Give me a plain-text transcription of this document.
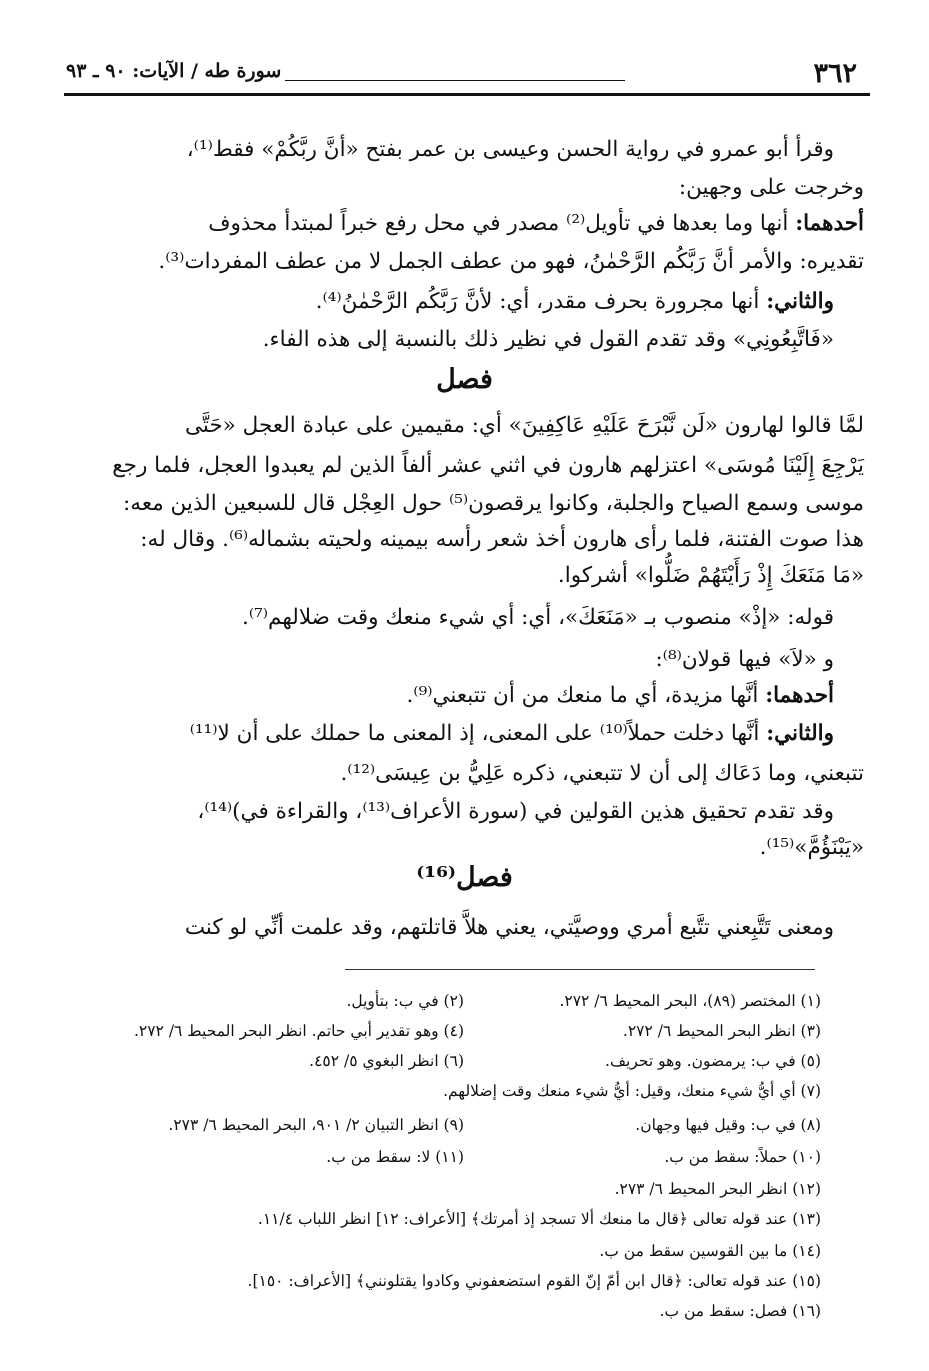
٣٦٢
سورة طه / الآيات: ٩٠ ـ ٩٣
وقرأ أبو عمرو في رواية الحسن وعيسى بن عمر بفتح «أنَّ ربَّكُمْ» فقط⁽¹⁾،
وخرجت على وجهين:
أحدهما: أنها وما بعدها في تأويل⁽²⁾ مصدر في محل رفع خبراً لمبتدأ محذوف
تقديره: والأمر أنَّ رَبَّكُم الرَّحْمٰنُ، فهو من عطف الجمل لا من عطف المفردات⁽³⁾.
والثاني: أنها مجرورة بحرف مقدر، أي: لأنَّ رَبَّكُم الرَّحْمٰنُ⁽⁴⁾.
«فَاتَّبِعُونِي» وقد تقدم القول في نظير ذلك بالنسبة إلى هذه الفاء.
فصل
لمَّا قالوا لهارون «لَن نَّبْرَحَ عَلَيْهِ عَاكِفِينَ» أي: مقيمين على عبادة العجل «حَتَّى
يَرْجِعَ إِلَيْنَا مُوسَى» اعتزلهم هارون في اثني عشر ألفاً الذين لم يعبدوا العجل، فلما رجع
موسى وسمع الصياح والجلبة، وكانوا يرقصون⁽⁵⁾ حول العِجْل قال للسبعين الذين معه:
هذا صوت الفتنة، فلما رأى هارون أخذ شعر رأسه بيمينه ولحيته بشماله⁽⁶⁾. وقال له:
«مَا مَنَعَكَ إِذْ رَأَيْتَهُمْ ضَلُّوا» أشركوا.
قوله: «إذْ» منصوب بـ «مَنَعَكَ»، أي: أي شيء منعك وقت ضلالهم⁽⁷⁾.
و «لاَ» فيها قولان⁽⁸⁾:
أحدهما: أنَّها مزيدة، أي ما منعك من أن تتبعني⁽⁹⁾.
والثاني: أنَّها دخلت حملاً⁽¹⁰⁾ على المعنى، إذ المعنى ما حملك على أن لا⁽¹¹⁾
تتبعني، وما دَعَاك إلى أن لا تتبعني، ذكره عَلِيُّ بن عِيسَى⁽¹²⁾.
وقد تقدم تحقيق هذين القولين في (سورة الأعراف⁽¹³⁾، والقراءة في)⁽¹⁴⁾،
«يَبْنَؤُمَّ»⁽¹⁵⁾.
فصل⁽¹⁶⁾
ومعنى تَتَّبِعني تتَّبع أمري ووصيَّتي، يعني هلاَّ قاتلتهم، وقد علمت أنِّي لو كنت
(١) المختصر (٨٩)، البحر المحيط ٦/ ٢٧٢.
(٢) في ب: بتأويل.
(٣) انظر البحر المحيط ٦/ ٢٧٢.
(٤) وهو تقدير أبي حاتم. انظر البحر المحيط ٦/ ٢٧٢.
(٥) في ب: يرمضون. وهو تحريف.
(٦) انظر البغوي ٥/ ٤٥٢.
(٧) أي أيُّ شيء منعك، وقيل: أيُّ شيء منعك وقت إضلالهم.
(٨) في ب: وقيل فيها وجهان.
(٩) انظر التبيان ٢/ ٩٠١، البحر المحيط ٦/ ٢٧٣.
(١٠) حملاً: سقط من ب.
(١١) لا: سقط من ب.
(١٢) انظر البحر المحيط ٦/ ٢٧٣.
(١٣) عند قوله تعالى ﴿قال ما منعك ألا تسجد إذ أمرتك﴾ [الأعراف: ١٢] انظر اللباب ١١/٤.
(١٤) ما بين القوسين سقط من ب.
(١٥) عند قوله تعالى: ﴿قال ابن أمّ إنّ القوم استضعفوني وكادوا يقتلونني﴾ [الأعراف: ١٥٠].
(١٦) فصل: سقط من ب.
